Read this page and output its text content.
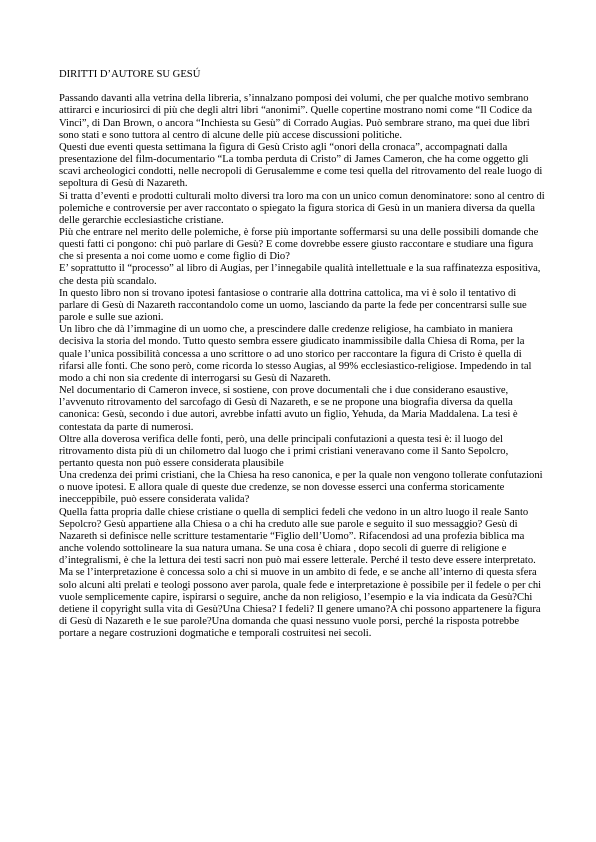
DIRITTI D’AUTORE SU GESÚ

Passando davanti alla vetrina della libreria, s’innalzano pomposi dei volumi, che per qualche motivo sembrano attirarci e incuriosirci di più che degli altri libri “anonimi”. Quelle copertine mostrano nomi come “Il Codice da Vinci”, di Dan Brown, o ancora “Inchiesta su Gesù” di Corrado Augias. Può sembrare strano, ma quei due libri sono stati e sono tuttora al centro di alcune delle più accese discussioni politiche.

Questi due eventi questa settimana la figura di Gesù Cristo agli “onori della cronaca”, accompagnati dalla presentazione del film-documentario “La tomba perduta di Cristo” di James Cameron, che ha come oggetto gli scavi archeologici condotti, nelle necropoli di Gerusalemme e come tesi quella del ritrovamento del reale luogo di sepoltura di Gesù di Nazareth.

Si tratta d’eventi e prodotti culturali molto diversi tra loro ma con un unico comun denominatore: sono al centro di polemiche e controversie per aver raccontato o spiegato la figura storica di Gesù in un maniera diversa da quella delle gerarchie ecclesiastiche cristiane.

Più che entrare nel merito delle polemiche, è forse più importante soffermarsi su una delle possibili domande che questi fatti ci pongono: chi può parlare di Gesù? E come dovrebbe essere giusto raccontare e studiare una figura che si presenta a noi come uomo e come figlio di Dio?

E’ soprattutto il “processo” al libro di Augias, per l’innegabile qualità intellettuale e la sua raffinatezza espositiva, che desta più scandalo.

In questo libro non si trovano ipotesi fantasiose o contrarie alla dottrina cattolica, ma vi è solo il tentativo di parlare di Gesù di Nazareth raccontandolo come un uomo, lasciando da parte la fede per concentrarsi sulle sue parole e sulle sue azioni.

Un libro che dà l’immagine di un uomo che, a prescindere dalle credenze religiose, ha cambiato in maniera decisiva la storia del mondo. Tutto questo sembra essere giudicato inammissibile dalla Chiesa di Roma, per la quale l’unica possibilità concessa a uno scrittore o ad uno storico per raccontare la figura di Cristo è quella di rifarsi alle fonti. Che sono però, come ricorda lo stesso Augias, al 99% ecclesiastico-religiose. Impedendo in tal modo a chi non sia credente di interrogarsi su Gesù di Nazareth.

Nel documentario di Cameron invece, si sostiene, con prove documentali che i due considerano esaustive, l’avvenuto ritrovamento del sarcofago di Gesù di Nazareth, e se ne propone una biografia diversa da quella canonica: Gesù, secondo i due autori, avrebbe infatti avuto un figlio, Yehuda, da Maria Maddalena. La tesi è contestata da parte di numerosi.

Oltre alla doverosa verifica delle fonti, però, una delle principali confutazioni a questa tesi è: il luogo del ritrovamento dista più di un chilometro dal luogo che i primi cristiani veneravano come il Santo Sepolcro, pertanto questa non può essere considerata plausibile

Una credenza dei primi cristiani, che la Chiesa ha reso canonica, e per la quale non vengono tollerate confutazioni o nuove ipotesi. E allora quale di queste due credenze, se non dovesse esserci una conferma storicamente inecceppibile, può essere considerata valida?

Quella fatta propria dalle chiese cristiane o quella di semplici fedeli che vedono in un altro luogo il reale Santo Sepolcro? Gesù appartiene alla Chiesa o a chi ha creduto alle sue parole e seguito il suo messaggio? Gesù di Nazareth si definisce nelle scritture testamentarie “Figlio dell’Uomo”. Rifacendosi ad una profezia biblica ma anche volendo sottolineare la sua natura umana. Se una cosa è chiara , dopo secoli di guerre di religione e d’integralismi, è che la lettura dei testi sacri non può mai essere letterale. Perché il testo deve essere interpretato.

Ma se l’interpretazione è concessa solo a chi si muove in un ambito di fede, e se anche all’interno di questa sfera solo alcuni alti prelati e teologi possono aver parola, quale fede e interpretazione è possibile per il fedele o per chi vuole semplicemente capire, ispirarsi o seguire, anche da non religioso, l’esempio e la via indicata da Gesù?Chi detiene il copyright sulla vita di Gesù?Una Chiesa? I fedeli? Il genere umano?A chi possono appartenere la figura di Gesù di Nazareth e le sue parole?Una domanda che quasi nessuno vuole porsi, perché la risposta potrebbe portare a negare costruzioni dogmatiche e temporali costruitesi nei secoli.
